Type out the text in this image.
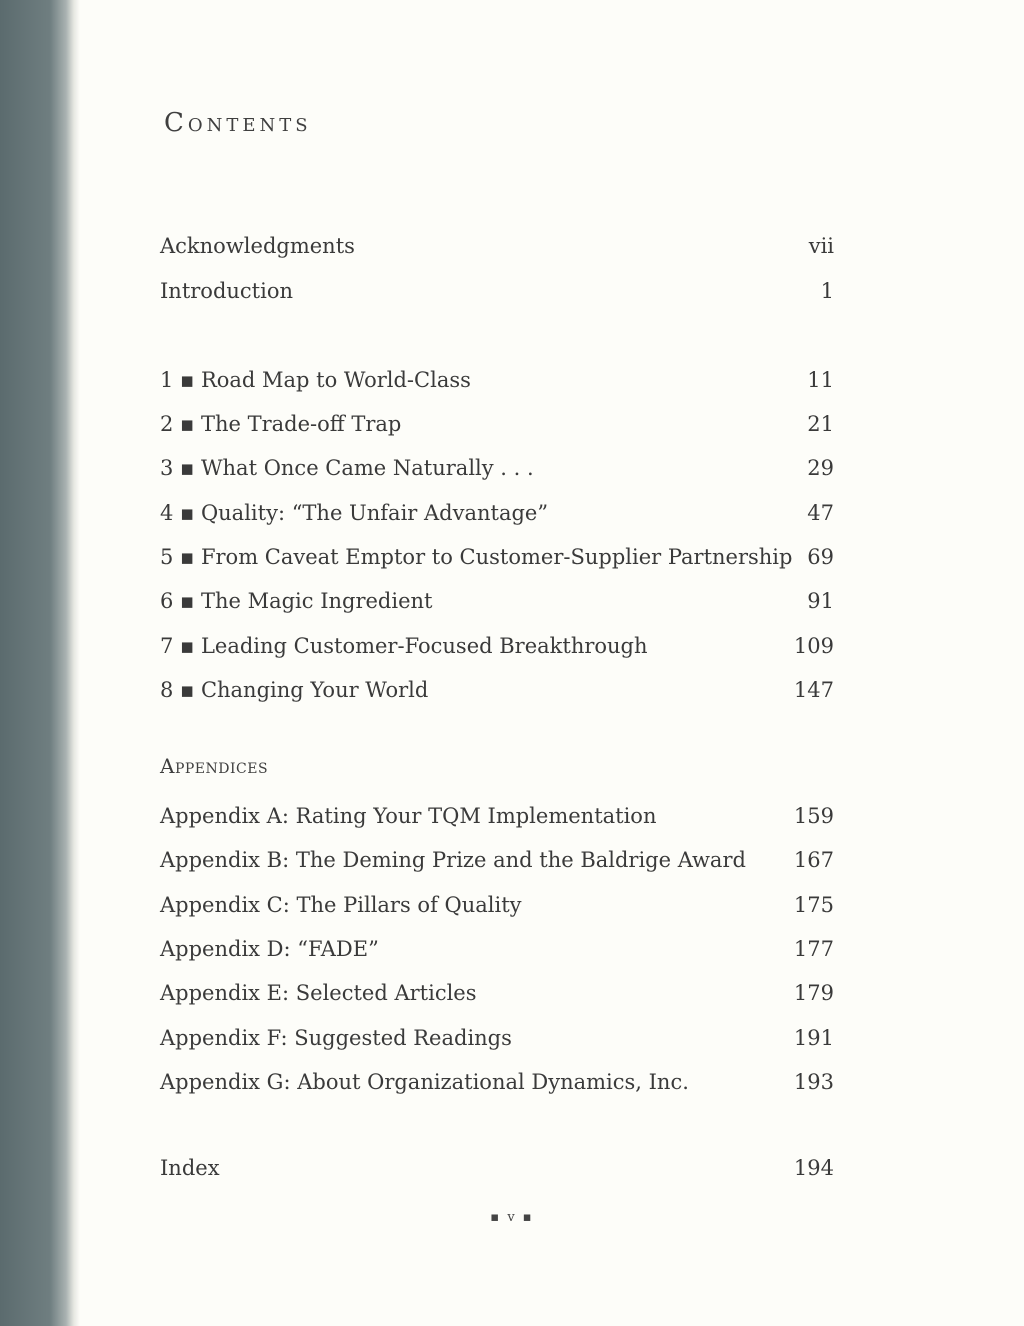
Contents
Acknowledgments	vii
Introduction	1
1 ▪ Road Map to World-Class	11
2 ▪ The Trade-off Trap	21
3 ▪ What Once Came Naturally . . .	29
4 ▪ Quality: “The Unfair Advantage”	47
5 ▪ From Caveat Emptor to Customer-Supplier Partnership 69
6 ▪ The Magic Ingredient	91
7 ▪ Leading Customer-Focused Breakthrough	109
8 ▪ Changing Your World	147
Appendices
Appendix A: Rating Your TQM Implementation	159
Appendix B: The Deming Prize and the Baldrige Award 167
Appendix C: The Pillars of Quality	175
Appendix D: “FADE”	177
Appendix E: Selected Articles	179
Appendix F: Suggested Readings	191
Appendix G: About Organizational Dynamics, Inc.	193
Index	194
▪ v ▪
